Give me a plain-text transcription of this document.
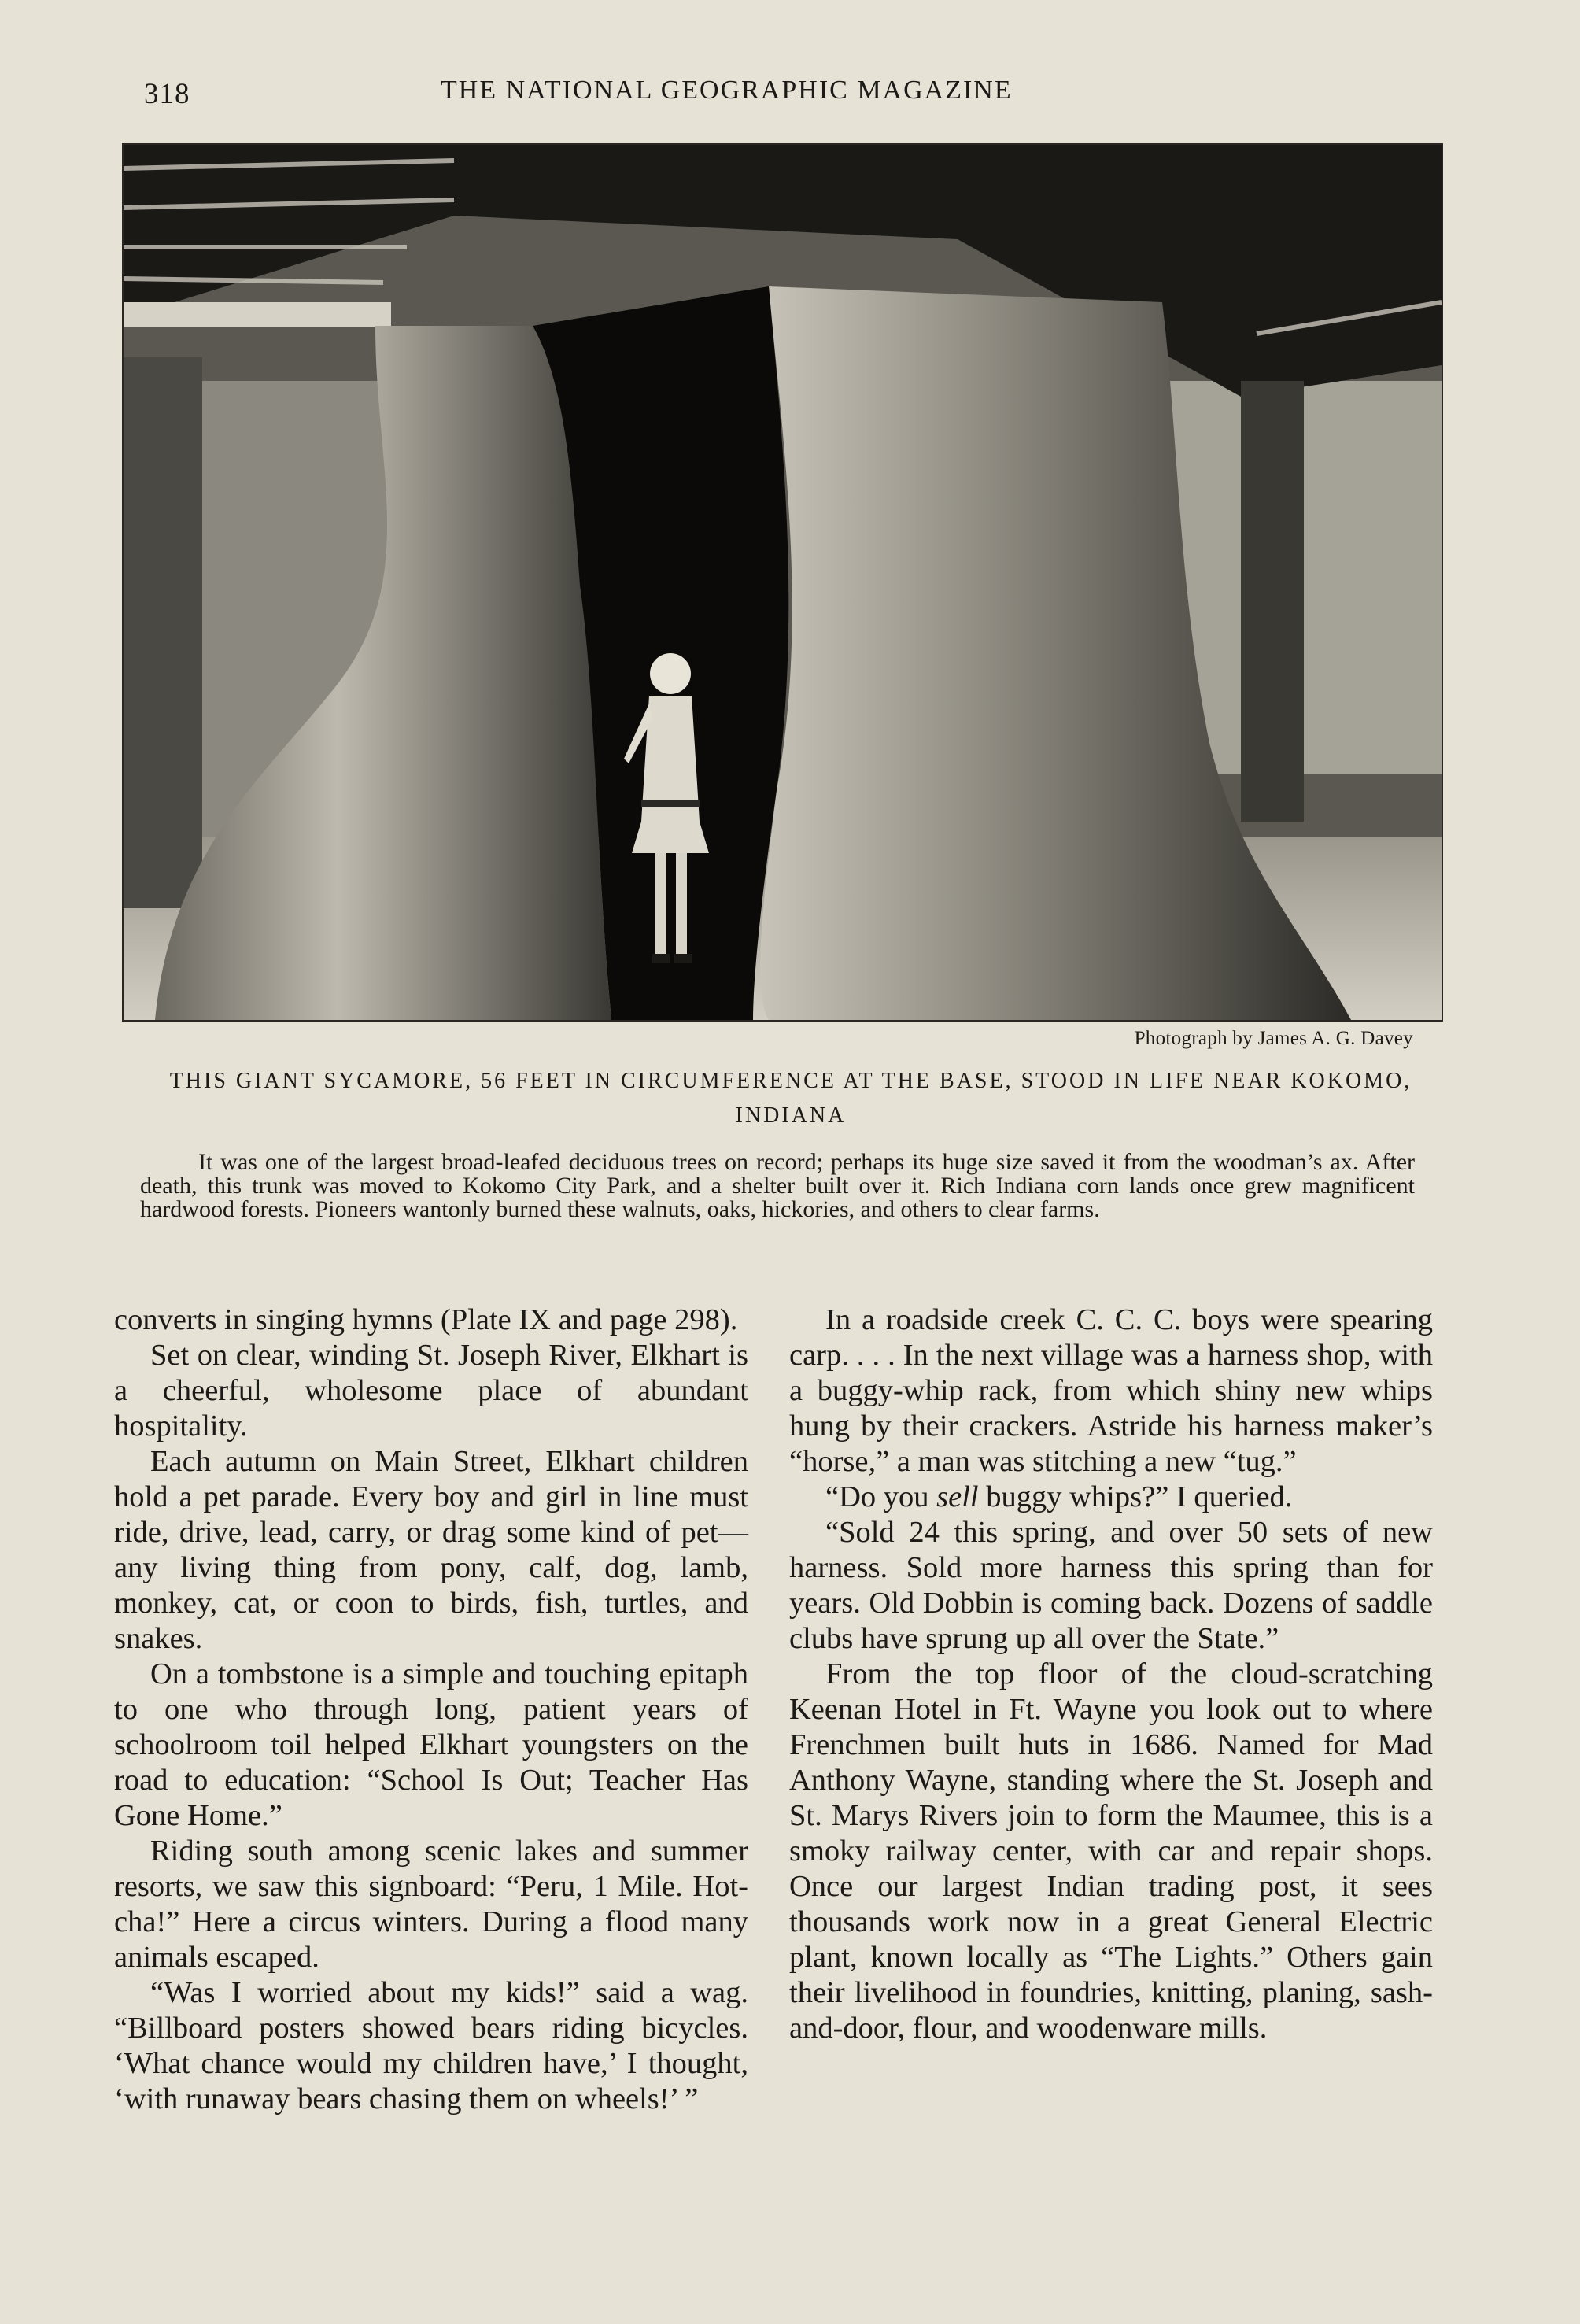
318	THE NATIONAL GEOGRAPHIC MAGAZINE
Photograph by James A. G. Davey
THIS GIANT SYCAMORE, 56 FEET IN CIRCUMFERENCE AT THE BASE, STOOD IN LIFE NEAR KOKOMO, INDIANA
It was one of the largest broad-leafed deciduous trees on record; perhaps its huge size saved it from the woodman’s ax. After death, this trunk was moved to Kokomo City Park, and a shelter built over it. Rich Indiana corn lands once grew magnificent hardwood forests. Pioneers wantonly burned these walnuts, oaks, hickories, and others to clear farms.

converts in singing hymns (Plate IX and page 298).

Set on clear, winding St. Joseph River, Elkhart is a cheerful, wholesome place of abundant hospitality.

Each autumn on Main Street, Elkhart children hold a pet parade. Every boy and girl in line must ride, drive, lead, carry, or drag some kind of pet—any living thing from pony, calf, dog, lamb, monkey, cat, or coon to birds, fish, turtles, and snakes.

On a tombstone is a simple and touching epitaph to one who through long, patient years of schoolroom toil helped Elkhart youngsters on the road to education: “School Is Out; Teacher Has Gone Home.”

Riding south among scenic lakes and summer resorts, we saw this signboard: “Peru, 1 Mile. Hot-cha!” Here a circus winters. During a flood many animals escaped.

“Was I worried about my kids!” said a wag. “Billboard posters showed bears riding bicycles. ‘What chance would my children have,’ I thought, ‘with runaway bears chasing them on wheels!’ ”

In a roadside creek C. C. C. boys were spearing carp. . . . In the next village was a harness shop, with a buggy-whip rack, from which shiny new whips hung by their crackers. Astride his harness maker’s “horse,” a man was stitching a new “tug.”

“Do you sell buggy whips?” I queried.

“Sold 24 this spring, and over 50 sets of new harness. Sold more harness this spring than for years. Old Dobbin is coming back. Dozens of saddle clubs have sprung up all over the State.”

From the top floor of the cloud-scratching Keenan Hotel in Ft. Wayne you look out to where Frenchmen built huts in 1686. Named for Mad Anthony Wayne, standing where the St. Joseph and St. Marys Rivers join to form the Maumee, this is a smoky railway center, with car and repair shops. Once our largest Indian trading post, it sees thousands work now in a great General Electric plant, known locally as “The Lights.” Others gain their livelihood in foundries, knitting, planing, sash-and-door, flour, and woodenware mills.
